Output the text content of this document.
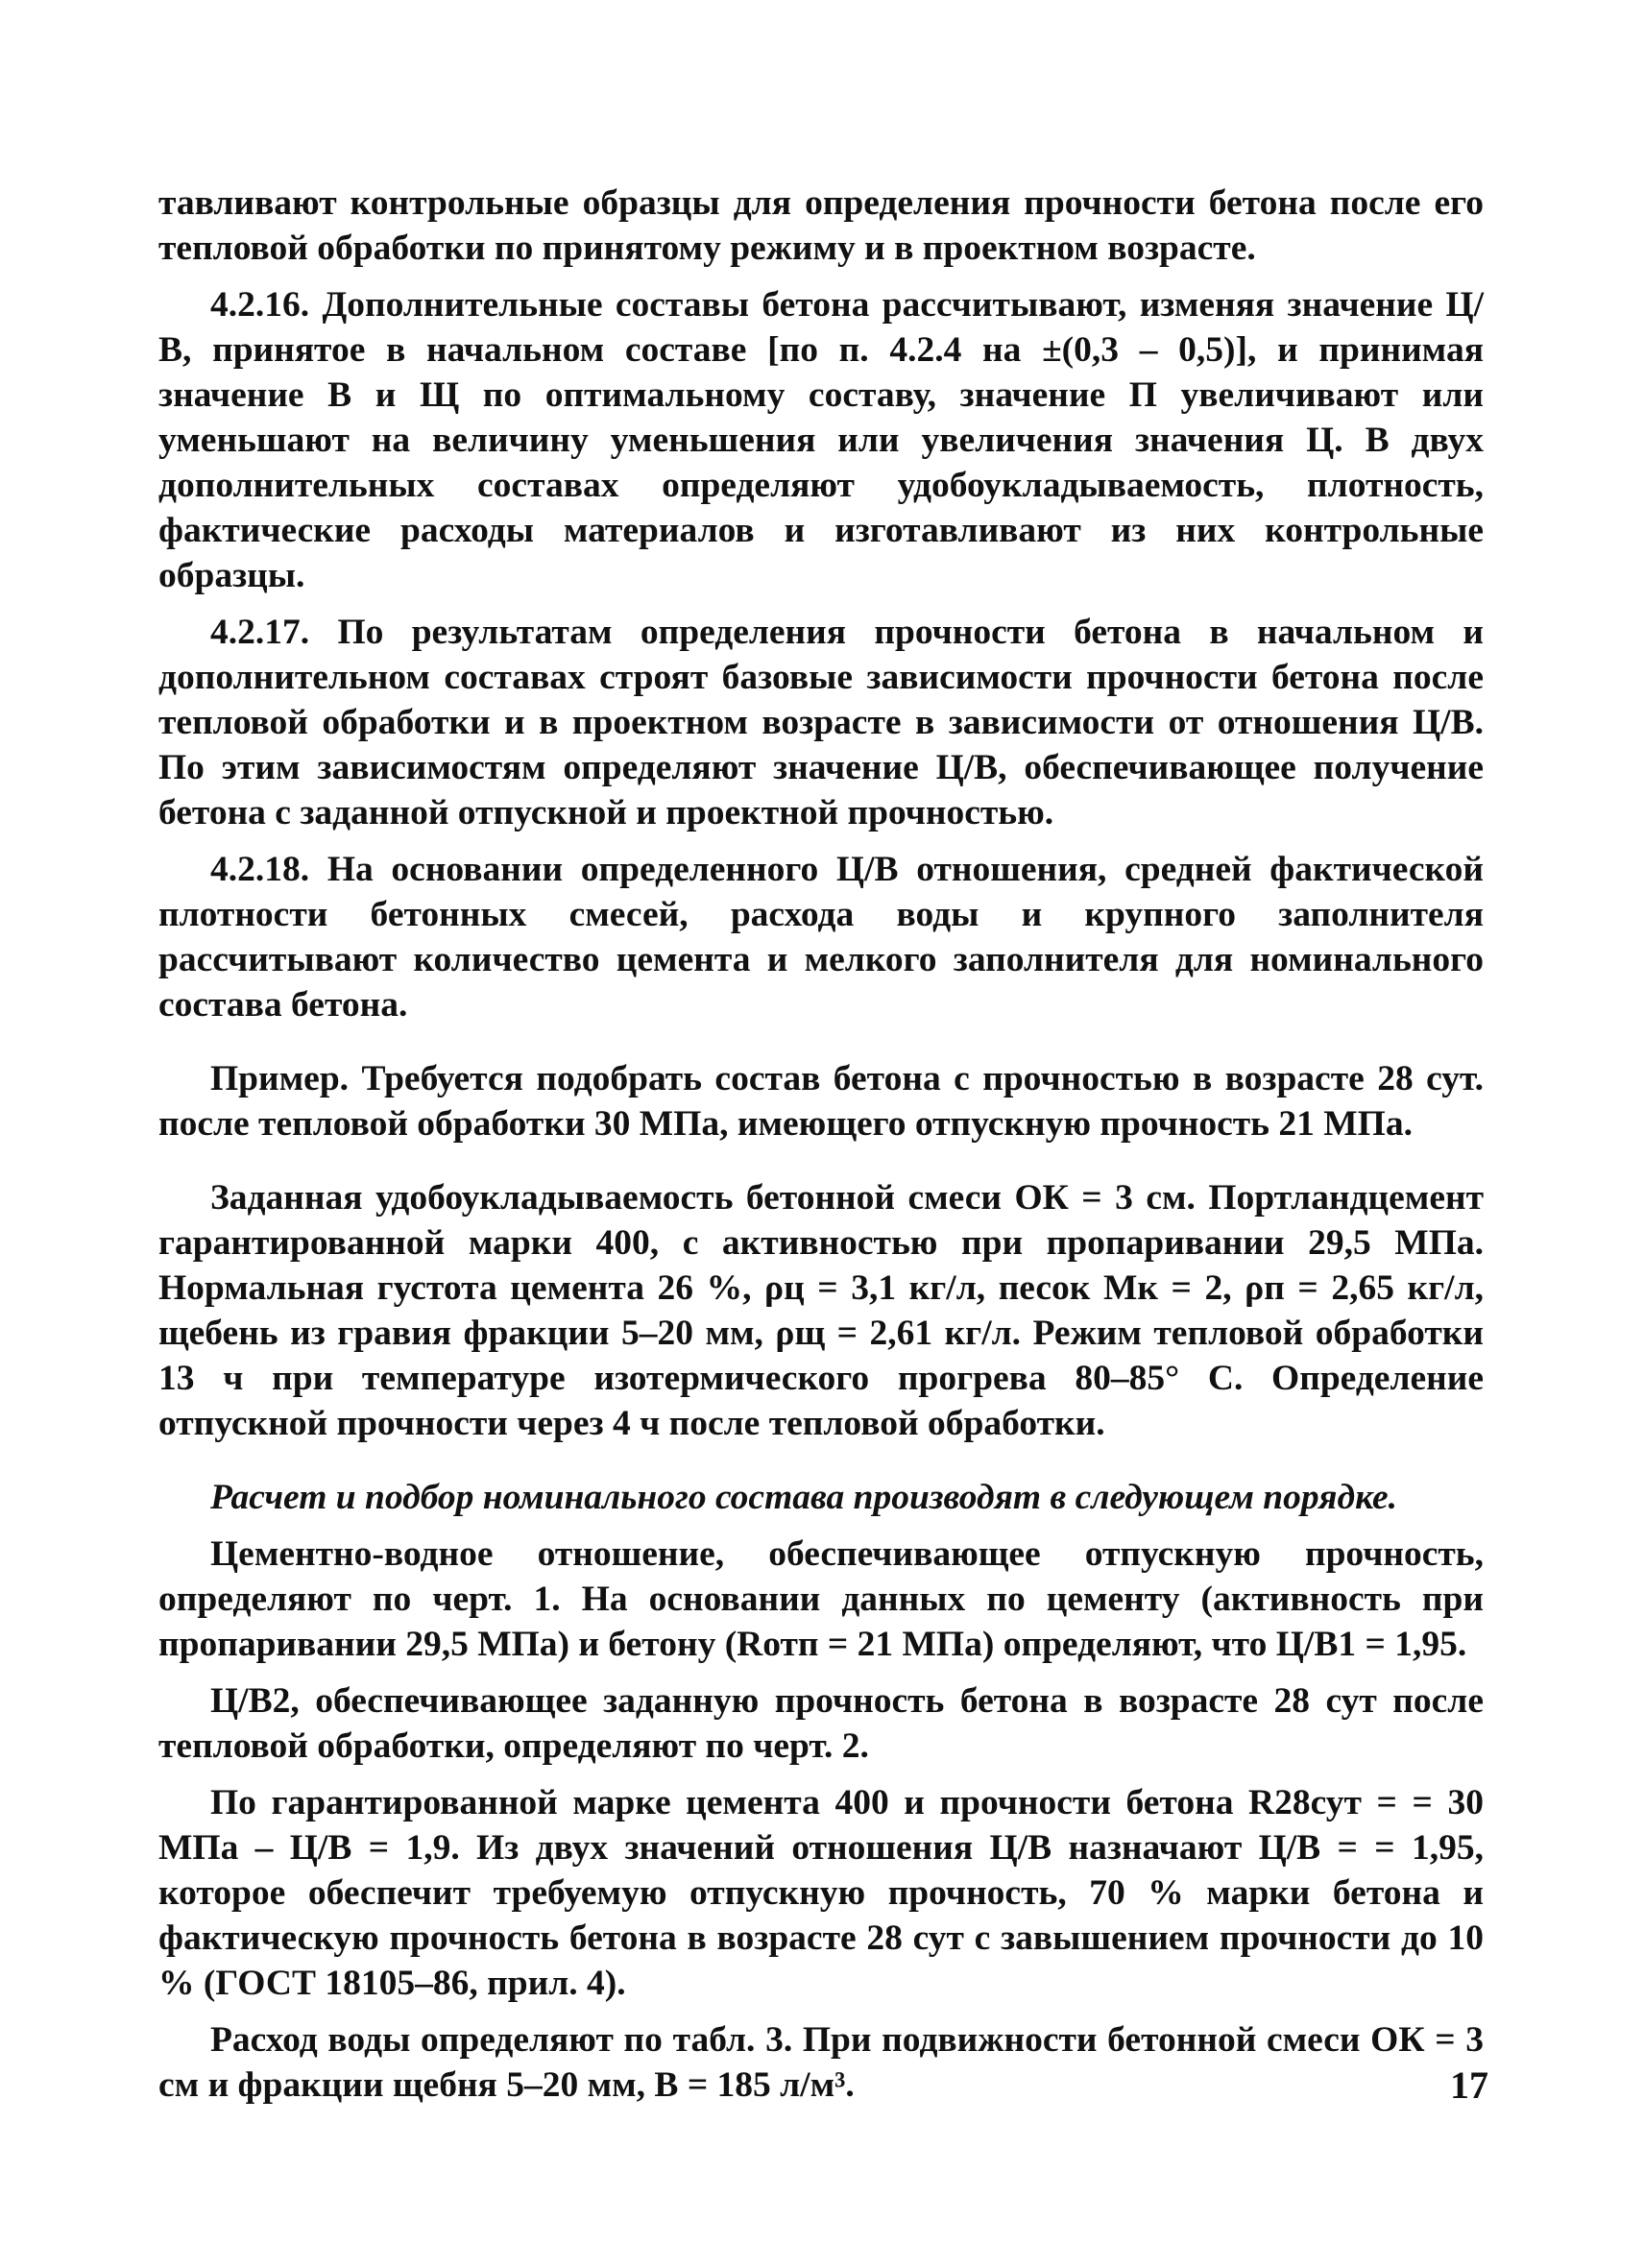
тавливают контрольные образцы для определения прочности бетона после его тепловой обработки по принятому режиму и в проектном возрасте.

4.2.16. Дополнительные составы бетона рассчитывают, изменяя значение Ц/В, принятое в начальном составе [по п. 4.2.4 на ±(0,3 – 0,5)], и принимая значение В и Щ по оптимальному составу, значение П увеличивают или уменьшают на величину уменьшения или увеличения значения Ц. В двух дополнительных составах определяют удобоукладываемость, плотность, фактические расходы материалов и изготавливают из них контрольные образцы.

4.2.17. По результатам определения прочности бетона в начальном и дополнительном составах строят базовые зависимости прочности бетона после тепловой обработки и в проектном возрасте в зависимости от отношения Ц/В. По этим зависимостям определяют значение Ц/В, обеспечивающее получение бетона с заданной отпускной и проектной прочностью.

4.2.18. На основании определенного Ц/В отношения, средней фактической плотности бетонных смесей, расхода воды и крупного заполнителя рассчитывают количество цемента и мелкого заполнителя для номинального состава бетона.

Пример. Требуется подобрать состав бетона с прочностью в возрасте 28 сут. после тепловой обработки 30 МПа, имеющего отпускную прочность 21 МПа.

Заданная удобоукладываемость бетонной смеси ОК = 3 см. Портландцемент гарантированной марки 400, с активностью при пропаривании 29,5 МПа. Нормальная густота цемента 26 %, ρц = 3,1 кг/л, песок Мк = 2, ρп = 2,65 кг/л, щебень из гравия фракции 5–20 мм, ρщ = 2,61 кг/л. Режим тепловой обработки 13 ч при температуре изотермического прогрева 80–85° С. Определение отпускной прочности через 4 ч после тепловой обработки.

Расчет и подбор номинального состава производят в следующем порядке.

Цементно-водное отношение, обеспечивающее отпускную прочность, определяют по черт. 1. На основании данных по цементу (активность при пропаривании 29,5 МПа) и бетону (Rотп = 21 МПа) определяют, что Ц/В1 = 1,95.

Ц/В2, обеспечивающее заданную прочность бетона в возрасте 28 сут после тепловой обработки, определяют по черт. 2.

По гарантированной марке цемента 400 и прочности бетона R28сут = = 30 МПа – Ц/В = 1,9. Из двух значений отношения Ц/В назначают Ц/В = = 1,95, которое обеспечит требуемую отпускную прочность, 70 % марки бетона и фактическую прочность бетона в возрасте 28 сут с завышением прочности до 10 % (ГОСТ 18105–86, прил. 4).

Расход воды определяют по табл. 3. При подвижности бетонной смеси ОК = 3 см и фракции щебня 5–20 мм, В = 185 л/м³.	17
